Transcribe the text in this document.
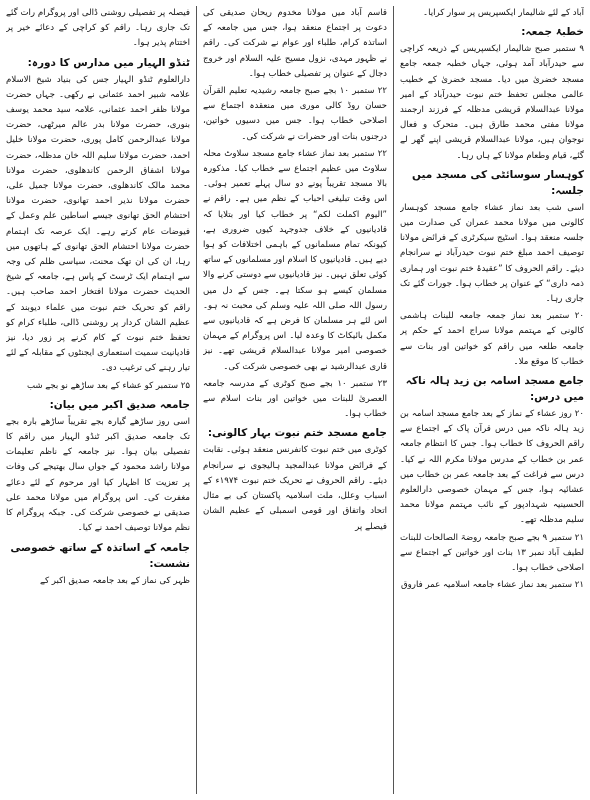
آباد کے لئے شالیمار ایکسپریس پر سوار کرایا۔

خطبۂ جمعہ:

۹ ستمبر صبح شالیمار ایکسپریس کے ذریعہ کراچی سے حیدرآباد آمد ہوئی، جہاں خطبہ جمعہ جامع مسجد خضریٰ میں دیا۔ مسجد خضریٰ کے خطیب عالمی مجلس تحفظ ختم نبوت حیدرآباد کے امیر مولانا عبدالسلام قریشی مدظلہ کے فرزند ارجمند مولانا مفتی محمد طارق ہیں۔ متحرک و فعال نوجوان ہیں، مولانا عبدالسلام قریشی اپنے گھر لے گئے، قیام وطعام مولانا کے ہاں رہا۔

کوہسار سوسائٹی کی مسجد میں جلسہ:

اسی شب بعد نماز عشاء جامع مسجد کوہسار کالونی میں مولانا محمد عمران کی صدارت میں جلسہ منعقد ہوا۔ اسٹیج سیکرٹری کے فرائض مولانا توصیف احمد مبلغ ختم نبوت حیدرآباد نے سرانجام دیئے۔ راقم الحروف کا ”عقیدۂ ختم نبوت اور ہماری ذمہ داری“ کے عنوان پر خطاب ہوا۔ جورات گئے تک جاری رہا۔

۲۰ ستمبر بعد نماز جمعہ جامعہ للبنات ہاشمی کالونی کے مہتمم مولانا سراج احمد کے حکم پر جامعہ طلعہ میں راقم کو خواتین اور بنات سے خطاب کا موقع ملا۔

جامع مسجد اسامہ بن زید ہالہ ناکہ میں درس:

۲۰ روز عشاء کے نماز کے بعد جامع مسجد اسامہ بن زید ہالہ ناکہ میں درس قرآن پاک کے اجتماع سے راقم الحروف کا خطاب ہوا۔ جس کا انتظام جامعہ عمر بن خطاب کے مدرس مولانا مکرم اللہ نے کیا۔ درس سے فراغت کے بعد جامعہ عمر بن خطاب میں عشائیہ ہوا، جس کے مہمان خصوصی دارالعلوم الحسینیہ شہدادپور کے نائب مہتمم مولانا محمد سلیم مدظلہ تھے۔

۲۱ ستمبر ۹ بجے صبح جامعہ روضۃ الصالحات للبنات لطیف آباد نمبر ۱۳ بنات اور خواتین کے اجتماع سے اصلاحی خطاب ہوا۔

۲۱ ستمبر بعد نماز عشاء جامعہ اسلامیہ عمر فاروق

قاسم آباد میں مولانا مخدوم ریحان صدیقی کی دعوت پر اجتماع منعقد ہوا، جس میں جامعہ کے اساتذہ کرام، طلباء اور عوام نے شرکت کی۔ راقم نے ظہور مہدی، نزول مسیح علیہ السلام اور خروج دجال کے عنوان پر تفصیلی خطاب ہوا۔

۲۲ ستمبر ۱۰ بجے صبح جامعہ رشیدیہ تعلیم القرآن حسان روڈ کالی موری میں منعقدہ اجتماع سے اصلاحی خطاب ہوا۔ جس میں دسیوں خواتین، درجنوں بنات اور حضرات نے شرکت کی۔

۲۲ ستمبر بعد نماز عشاء جامع مسجد سلاوٹ محلہ سلاوٹ میں عظیم اجتماع سے خطاب کیا۔ مذکورہ بالا مسجد تقریباً پونے دو سال پہلے تعمیر ہوئی۔ اس وقت تبلیغی احباب کے نظم میں ہے۔ راقم نے ”الیوم اکملت لکم“ پر خطاب کیا اور بتلایا کہ قادیانیوں کے خلاف جدوجہد کیوں ضروری ہے، کیونکہ تمام مسلمانوں کے باہمی اختلافات کو ہوا دیے ہیں۔ قادیانیوں کا اسلام اور مسلمانوں کے ساتھ کوئی تعلق نہیں۔ نیز قادیانیوں سے دوستی کرنے والا مسلمان کیسے ہو سکتا ہے۔ جس کے دل میں رسول اللہ صلی اللہ علیہ وسلم کی محبت نہ ہو۔ اس لئے ہر مسلمان کا فرض ہے کہ قادیانیوں سے مکمل بائیکاٹ کا وعدہ لیا۔ اس پروگرام کے مہمان خصوصی امیر مولانا عبدالسلام قریشی تھے۔ نیز قاری عبدالرشید نے بھی خصوصی شرکت کی۔

۲۳ ستمبر ۱۰ بجے صبح کوٹری کے مدرسہ جامعہ العصریٰ للبنات میں خواتین اور بنات اسلام سے خطاب ہوا۔

جامع مسجد ختم نبوت بہار کالونی:

کوٹری میں ختم نبوت کانفرنس منعقد ہوئی۔ نقابت کے فرائض مولانا عبدالمجید ہالیجوی نے سرانجام دیئے۔ راقم الحروف نے تحریک ختم نبوت ۱۹۷۴ء کے اسباب وعلل، ملت اسلامیہ پاکستان کی بے مثال اتحاد واتفاق اور قومی اسمبلی کے عظیم الشان فیصلے پر

فیصلہ پر تفصیلی روشنی ڈالی اور پروگرام رات گئے تک جاری رہا۔ راقم کو کراچی کے دعائے خیر پر اختتام پذیر ہوا۔

ٹنڈو الہیار میں مدارس کا دورہ:

دارالعلوم ٹنڈو الہیار جس کی بنیاد شیخ الاسلام علامہ شبیر احمد عثمانی نے رکھی۔ جہاں حضرت مولانا ظفر احمد عثمانی، علامہ سید محمد یوسف بنوری، حضرت مولانا بدر عالم میرٹھی، حضرت مولانا عبدالرحمن کامل پوری، حضرت مولانا خلیل احمد، حضرت مولانا سلیم اللہ خان مدظلہ، حضرت مولانا اشفاق الرحمن کاندھلوی، حضرت مولانا محمد مالک کاندھلوی، حضرت مولانا جمیل علی، حضرت مولانا نذیر احمد تھانوی، حضرت مولانا احتشام الحق تھانوی جیسے اساطین علم وعمل کے فیوضات عام کرتے رہے۔ ایک عرصہ تک اہتمام حضرت مولانا احتشام الحق تھانوی کے ہاتھوں میں رہا، ان کی ان تھک محنت، سیاسی ظلم کی وجہ سے اہتمام ایک ٹرسٹ کے پاس ہے، جامعہ کے شیخ الحدیث حضرت مولانا افتخار احمد صاحب ہیں۔ راقم کو تحریک ختم نبوت میں علماء دیوبند کے عظیم الشان کردار پر روشنی ڈالی، طلباء کرام کو تحفظ ختم نبوت کے کام کرنے پر زور دیا، نیز قادیانیت سمیت استعماری ایجنٹوں کے مقابلہ کے لئے تیار رہنے کی ترغیب دی۔

۲۵ ستمبر کو عشاء کے بعد ساڑھے نو بجے شب

جامعہ صدیق اکبر میں بیان:

اسی روز ساڑھے گیارہ بجے تقریباً ساڑھے بارہ بجے تک جامعہ صدیق اکبر ٹنڈو الہیار میں راقم کا تفصیلی بیان ہوا۔ نیز جامعہ کے ناظم تعلیمات مولانا راشد محمود کے جواں سال بھتیجے کی وفات پر تعزیت کا اظہار کیا اور مرحوم کے لئے دعائے مغفرت کی۔ اس پروگرام میں مولانا محمد علی صدیقی نے خصوصی شرکت کی۔ جبکہ پروگرام کا نظم مولانا توصیف احمد نے کیا۔

جامعہ کے اساتذہ کے ساتھ خصوصی نشست:

ظہر کی نماز کے بعد جامعہ صدیق اکبر کے
